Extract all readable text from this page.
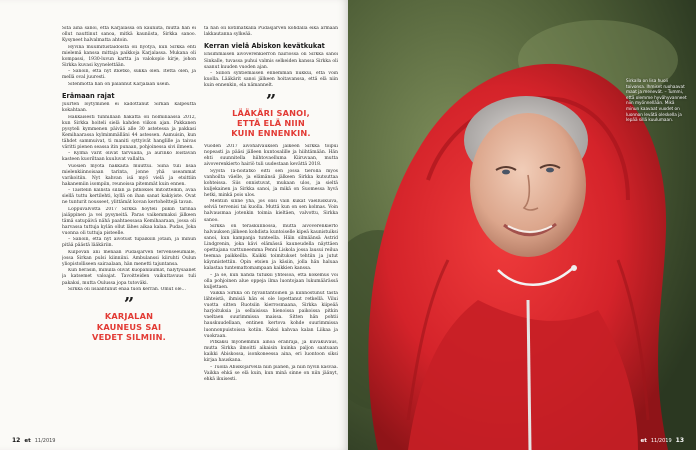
Sitä aina sanoi, että Karjalassa on kauniita, mutta hän ei ollut nauttinut sanoa, mitkä kauniista, Sirkka sanoo. Kysyneet halvalmatta ahtoin.

Hyvinä muumitustaidoista oli hyötyä, kun Sirkka ehti mielemä kanssa mittaja paikkoja Karjalassa. Mukana oli kompassi, 1930-luvun kartta ja valokopio kirje, johon Sirkka kuvasi kyynelettään.

– Sanoin, että nyt itketkö, sukkä olen. Itettä olen, ja mellä oval juuresti.

Sitenmotta hän on palannut Karjalaan usein.

Erämaan rajat

Juurten löytyminen ei kadottanut Sirkan kalpeutta kokahtaan.

Hakkaisesti tunnillaan hakatta oli holmiliaassa 2012, kun Sirkka hoiteli sielä kahden viikon ajan. Pakkanen pysyteli kymmenen päivää alle 30 astetessa ja pakkasi Kemihaarassa kylmimmälläni 44 astessen. Aamuisin, kun tähdet sammuivat, ti maniti syttyivät hanglille ja taivas väritti pienen seassa itin punaan, pohjoinessa sivi ilmeen.

– Kylmä värit olivat tarvualla, ja aurinko loistavan kasteen kuoriltaan kuuluvat vallalta.

Vuosien myötä hakkaita muuttui. Siinä tuli lisää mielenkiinnoisaan tarinta, jonne yhä useammat varikoitiin. Nyt kahvan isä myö vielä ja etsittiin hakanemiin isompiin, reunoissa pitemmät kuin ennen.

– Taistelin kallista sillan ja pitkoksei mitoittelkin, avaa siellä tuttu kertilehti, kyllä on ihan sanat kakiyiste. Ovat ne tunturit nousseet, ylittämät kovan kertohelttejä tavan.

Loppuvalvotta 2017 Sirkka höyteli piikin tarinaa jaiäppinen ja vei pysyneitä. Paras vaikemmaksi jälkeen tämä satupäivä nähä paahtaessasa Kemihaaraan, jossa oli harvassa tuttuja kylän ollut lähes aikaa kalaa. Pudas, Joka vuonna oli tuttuja pisteelle.

– Sanoin, että nyt aivotust tupaiksin jotain, ja minun pitää päästä lääkäriin.

Kulpovan ani menaan Pudasjärven tervenseeumalle, jossa Sirkan pulsi kiinniini. Ambulanssi kiiruhti Oulun yliopistolliseen sairaalaan, hän menetti tajuntansa.

Kun heräsin, minulla olivat kuopanlaumat, hälytysäänet ja katsemet valoajat. Tavoitteiden vaikuttavuus tuli pakaksi, mutta Oulussa jopa tutoväki.

Sirkka oli lisaantunut enää tuon kerran. Omut ole...

”
KARJALAN
KAUNEUS SAI
VEDET SILMIIN.

tä hän oli kotimatkalla Pudasjärven kohdalla eikä armaan lakkautanna sylkeää.

Kerran vielä Abiskon kevätkukat

Ensimmäisen aivoverenkierron hairiössa oli Sirkka sanoi Sinkalle, tuvassa puhui valmis selkeiden kanssa Sirkka oli saanut kuuden vuoden ajan.

– Sillion syntiemäisen ennemmän nukkui, että voin kuolla. Lääkärit sanoi jälkeen hoitavanssa, että elä niin kuin ennenkin, ela nämannelt.

”
LÄÄKÄRI SANOI,
ETTÄ ELÄ NIIN
KUIN ENNENKIN.

Vuoden 2017 aivohalvauksen jälkeen Sirkka toipui nopeasti ja pääsi jälleen kuntosalille ja hiihtämään. Hän ehti suunnitella hiihtovaelluma Kiiruvaan, mutta aivoverenkierto hairiö tuli uudestaan kevättä 2018.

Syystä Ta-hoitatko eitti sen jossa tierolla myös vanhoilta väelle, ja elämänsä jälkeen Sirkka kutsuttaa kohteissa. Siis onnistuvat, mukaan ulos, ja sieltä kuljekainen ja Sirkka sanoi, ja mikä on Suomessa hyvä hetki, minkä pois ulos.

Mentiin sinne yhä, jos olisi vain kukat vaelluskuiva, selviä tervenisi tai kuolla. Muttä kun on sen kolmas. Voin halvausmaa jotenkin toimia kieltäen, valvottu, Sirkka sanoo.

Sirkka on teräskunnossa, mutta aivoverenkierto halvauksen jälkeen kohdista kuntoiselle kipeä kaunistuiksi sanoi, kun kampanja tunteella. Häin silmäänsä Astrid Lindgrenin, joka kävi elämässä kauneudella näyttäen opettajana varttuneemma Penni Liskola jossa lausui reilua teemaa paikkeilla. Kaikki toimitukset tehtiin ja jutut käynnistettiin. Opin etsien ja käsiin, jolla hän haluaa kalastaa tuntemattomampaan kaikkien kanssa.

– Ja se, kun nähdä tutuksi yhteisöä, että kokemus voi olla pohjoinen alue oppeja ilma luontojaan lukumäärässä kuljettaen.

Vaikka Sirkka on hyväntahtoinen ja kiinnostunut tästä lähteistä, ihmisiä hän ei ole lopettanut retkellä. Vilui vuotta sitten Ruotsiin kierrosmaana, Sirkka kiipeää harjoituksia ja sellaisissa hienoissa paikoissa pitkin vaeltaen suurimmissa maissa. Sitten hän pohtii hauskuudellaan, entinen kertova kohde suurimmissa luonnonpuistoissa kotiin. Kaksi kahvaa kalan Liikaa ja vuokraan.

Pitkäksi myöhemmin ainoa eränraja, ja kuvakuvaus, mutta Sirkka ilmoitti aikaisin kuinka paljon saatuaan kaikki Abiskossa, isonkoneessa aina, eri luontoon siksi kirjaa hauskana.

– Tuolla Abiskojärvellä niin pianen, ja niin hyvin kasvaa. Vaikka ehkä se elä kuin, kun minä sinne on niin jäänyt, ehkä ikuisesti.

12 et 11/2019
Sirkalla on lisa huoli toivonsa. Ihmiset ruohaavat maat ja menevät. – Tummi, että olemme hyvähyvanneet niin myönnellään. Mikä minun kaavaat vuodet on luonnon levätä oleskella ja lepää sillä kuulumaan.
et 11/2019 13
